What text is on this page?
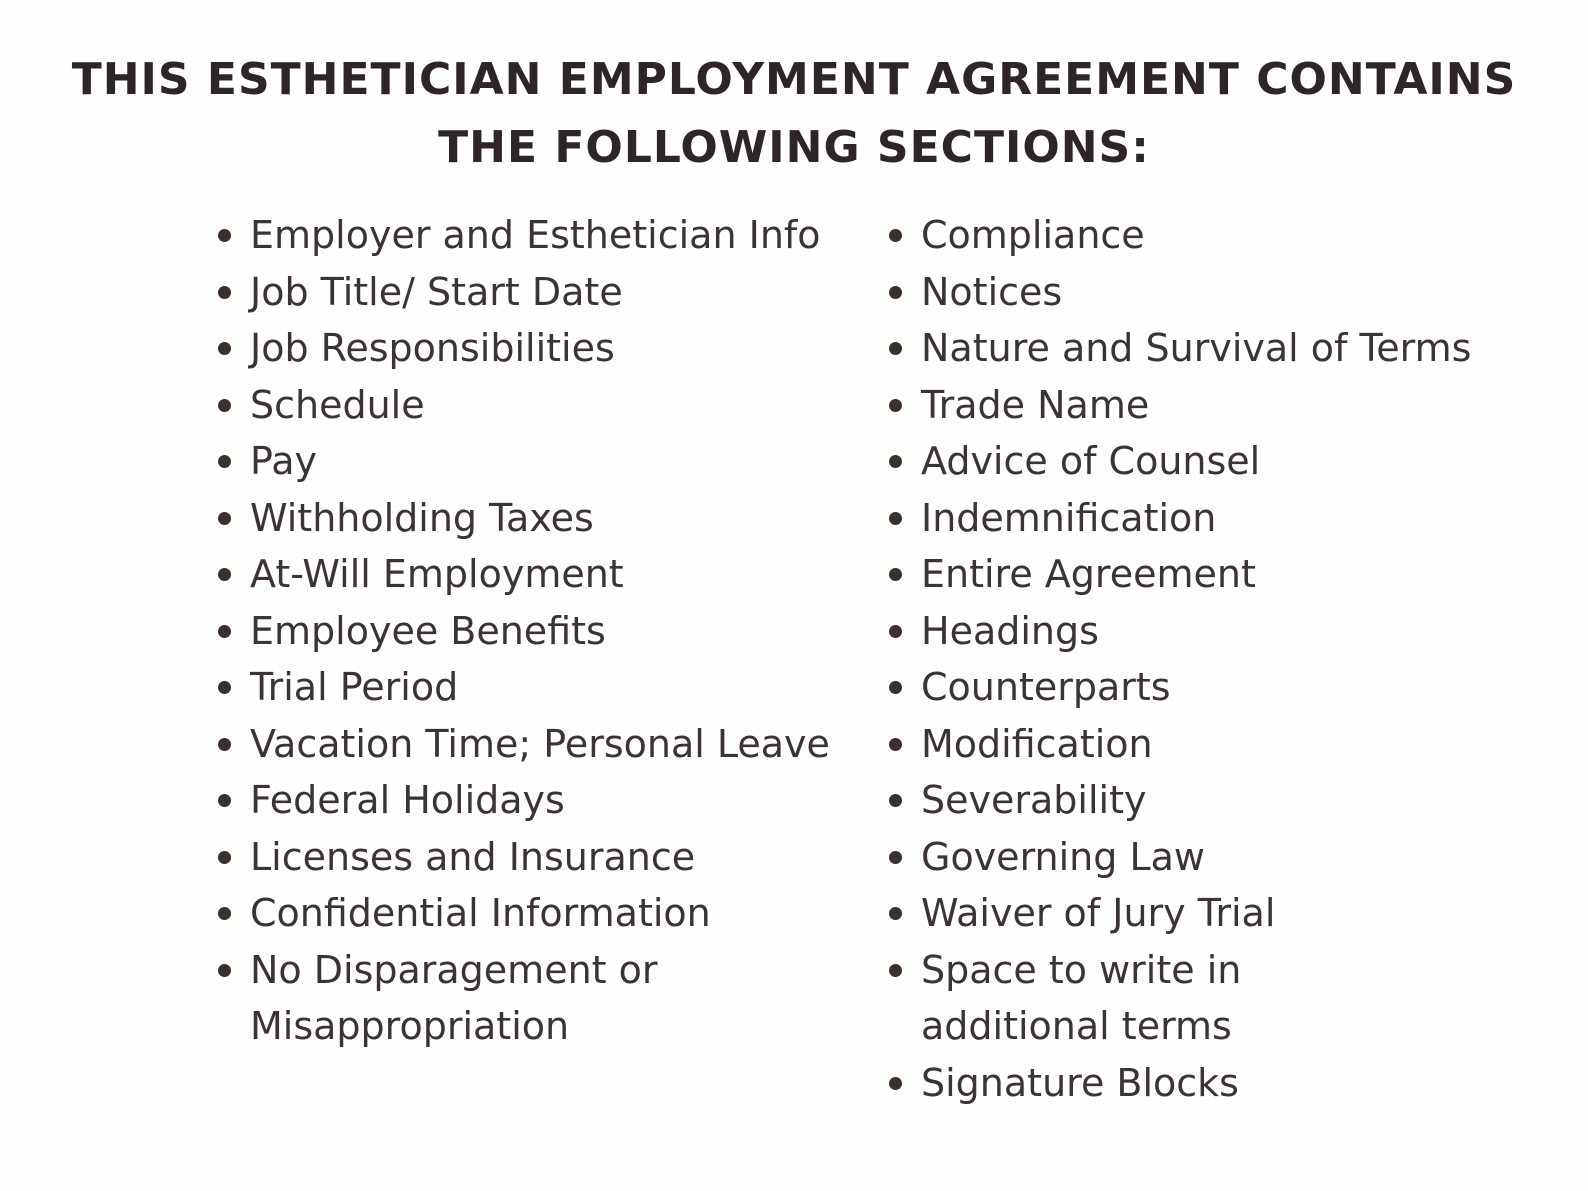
THIS ESTHETICIAN EMPLOYMENT AGREEMENT CONTAINS THE FOLLOWING SECTIONS:
Employer and Esthetician Info
Job Title/ Start Date
Job Responsibilities
Schedule
Pay
Withholding Taxes
At-Will Employment
Employee Benefits
Trial Period
Vacation Time; Personal Leave
Federal Holidays
Licenses and Insurance
Confidential Information
No Disparagement or Misappropriation
Compliance
Notices
Nature and Survival of Terms
Trade Name
Advice of Counsel
Indemnification
Entire Agreement
Headings
Counterparts
Modification
Severability
Governing Law
Waiver of Jury Trial
Space to write in additional terms
Signature Blocks
